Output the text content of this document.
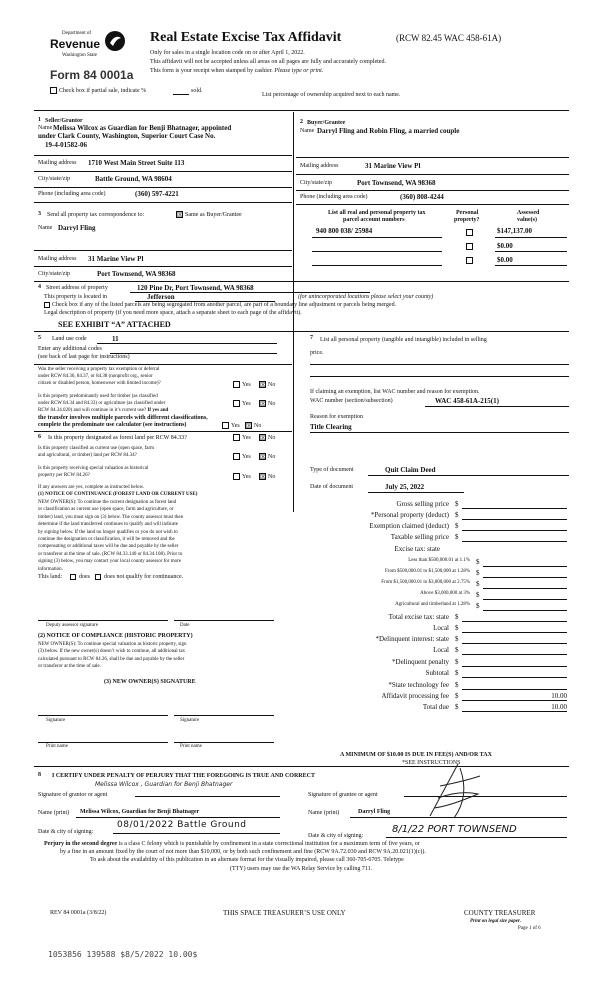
Department of
Revenue
Washington State
Form 84 0001a
Real Estate Excise Tax Affidavit	(RCW 82.45 WAC 458-61A)
Only for sales in a single location code on or after April 1, 2022.
This affidavit will not be accepted unless all areas on all pages are fully and accurately completed.
This form is your receipt when stamped by cashier. Please type or print.
Check box if partial sale, indicate %	sold.
List percentage of ownership acquired next to each name.
1 Seller/Grantor
Name Melissa Wilcox as Guardian for Benji Bhatnager, appointed
under Clark County, Washington, Superior Court Case No.
19-4-01582-06
Mailing address 1710 West Main Street Suite 113
City/state/zip	Battle Ground, WA 98604
Phone (including area code)	(360) 597-4221
2 Buyer/Grantee
Name Darryl Fling and Robin Fling, a married couple
Mailing address	31 Marine View Pl
City/state/zip	Port Townsend, WA 98368
Phone (including area code)	(360) 808-4244
3 Send all property tax correspondence to:	☒ Same as Buyer/Grantee
Name Darryl Fling
Mailing address 31 Marine View Pl
City/state/zip	Port Townsend, WA 98368
List all real and personal property tax
parcel account numbers
Personal
property?
Assessed
value(s)
940 800 038/ 25984	$147,137.00
$0.00
$0.00
4 Street address of property	120 Pine Dr, Port Townsend, WA 98368
This property is located in	Jefferson	(for unincorporated locations please select your county)
Check box if any of the listed parcels are being segregated from another parcel, are part of a boundary line adjustment or parcels being merged.
Legal description of property (if you need more space, attach a separate sheet to each page of the affidavit).
SEE EXHIBIT “A” ATTACHED
5 Land use code	11
Enter any additional codes
(see back of last page for instructions)
Was the seller receiving a property tax exemption or deferral
under RCW 84.36, 84.37, or 84.38 (nonprofit org., senior
citizen or disabled person, homeowner with limited income)?	Yes ☒ No
Is this property predominantly used for timber (as classified
under RCW 84.34 and 84.33) or agriculture (as classified under
RCW 84.34.020) and will continue in it’s current use? If yes and
Yes ☒ No
the transfer involves multiple parcels with different classifications,
complete the predominate use calculator (see instructions)	Yes ☒ No
6 Is this property designated as forest land per RCW 84.33?	Yes ☒ No
Is this property classified as current use (open space, farm
and agricultural, or timber) land per RCW 84.34?	Yes ☒ No
Is this property receiving special valuation as historical
property per RCW 84.26?	Yes ☒ No
If any answers are yes, complete as instructed below.
(1) NOTICE OF CONTINUANCE (FOREST LAND OR CURRENT USE)
NEW OWNER(S): To continue the current designation as forest land
or classification as current use (open space, farm and agriculture, or
timber) land, you must sign on (3) below. The county assessor must then
determine if the land transferred continues to qualify and will indicate
by signing below. If the land no longer qualifies or you do not wish to
continue the designation or classification, it will be removed and the
compensating or additional taxes will be due and payable by the seller
or transferor at the time of sale. (RCW 84.33.140 or 84.34.108). Prior to
signing (3) below, you may contact your local county assessor for more
information.
This land:	does does not qualify for continuance.
Deputy assessor signature	Date
(2) NOTICE OF COMPLIANCE (HISTORIC PROPERTY)
NEW OWNER(S): To continue special valuation as historic property, sign
(3) below. If the new owner(s) doesn’t wish to continue, all additional tax
calculated pursuant to RCW 84.26, shall be due and payable by the seller
or transferor at the time of sale.
(3) NEW OWNER(S) SIGNATURE
Signature	Signature
Print name	Print name
7 List all personal property (tangible and intangible) included in selling
price.
If claiming an exemption, list WAC number and reason for exemption.
WAC number (section/subsection)	WAC 458-61A-215(1)
Reason for exemption
Title Clearing
Type of document	Quit Claim Deed
Date of document	July 25, 2022
Gross selling price $
*Personal property (deduct) $
Exemption claimed (deduct) $
Taxable selling price $
Excise tax: state
Less than $500,000.01 at 1.1% $
From $500,000.01 to $1,500,000 at 1.28% $
From $1,500,000.01 to $3,000,000 at 2.75% $
Above $3,000,000 at 3% $
Agricultural and timberland at 1.28% $
Total excise tax: state $
Local $
*Delinquent interest: state $
Local $
*Delinquent penalty $
Subtotal $
*State technology fee $
Affidavit processing fee $	10.00
Total due $	10.00
A MINIMUM OF $10.00 IS DUE IN FEE(S) AND/OR TAX
*SEE INSTRUCTIONS
8 I CERTIFY UNDER PENALTY OF PERJURY THAT THE FOREGOING IS TRUE AND CORRECT
Melissa Wilcox , Guardian for Benji Bhatnager
Signature of grantor or agent	Signature of grantee or agent
Name (print) Melissa Wilcox, Guardian for Benji Bhatnager	Name (print)	Darryl Fling
Date & city of signing:
08/01/2022 Battle Ground
Date & city of signing:
8/1/22 PORT TOWNSEND
Perjury in the second degree is a class C felony which is punishable by confinement in a state correctional institution for a maximum term of five years, or
by a fine in an amount fixed by the court of not more than $10,000, or by both such confinement and fine (RCW 9A.72.030 and RCW 9A.20.021(1)(c)).
To ask about the availability of this publication in an alternate format for the visually impaired, please call 360-705-6705. Teletype
(TTY) users may use the WA Relay Service by calling 711.
REV 84 0001a (3/8/22)	THIS SPACE TREASURER’S USE ONLY	COUNTY TREASURER
Print on legal size paper.
Page 1 of 6
1053856 139588 $8/5/2022 10.00$
